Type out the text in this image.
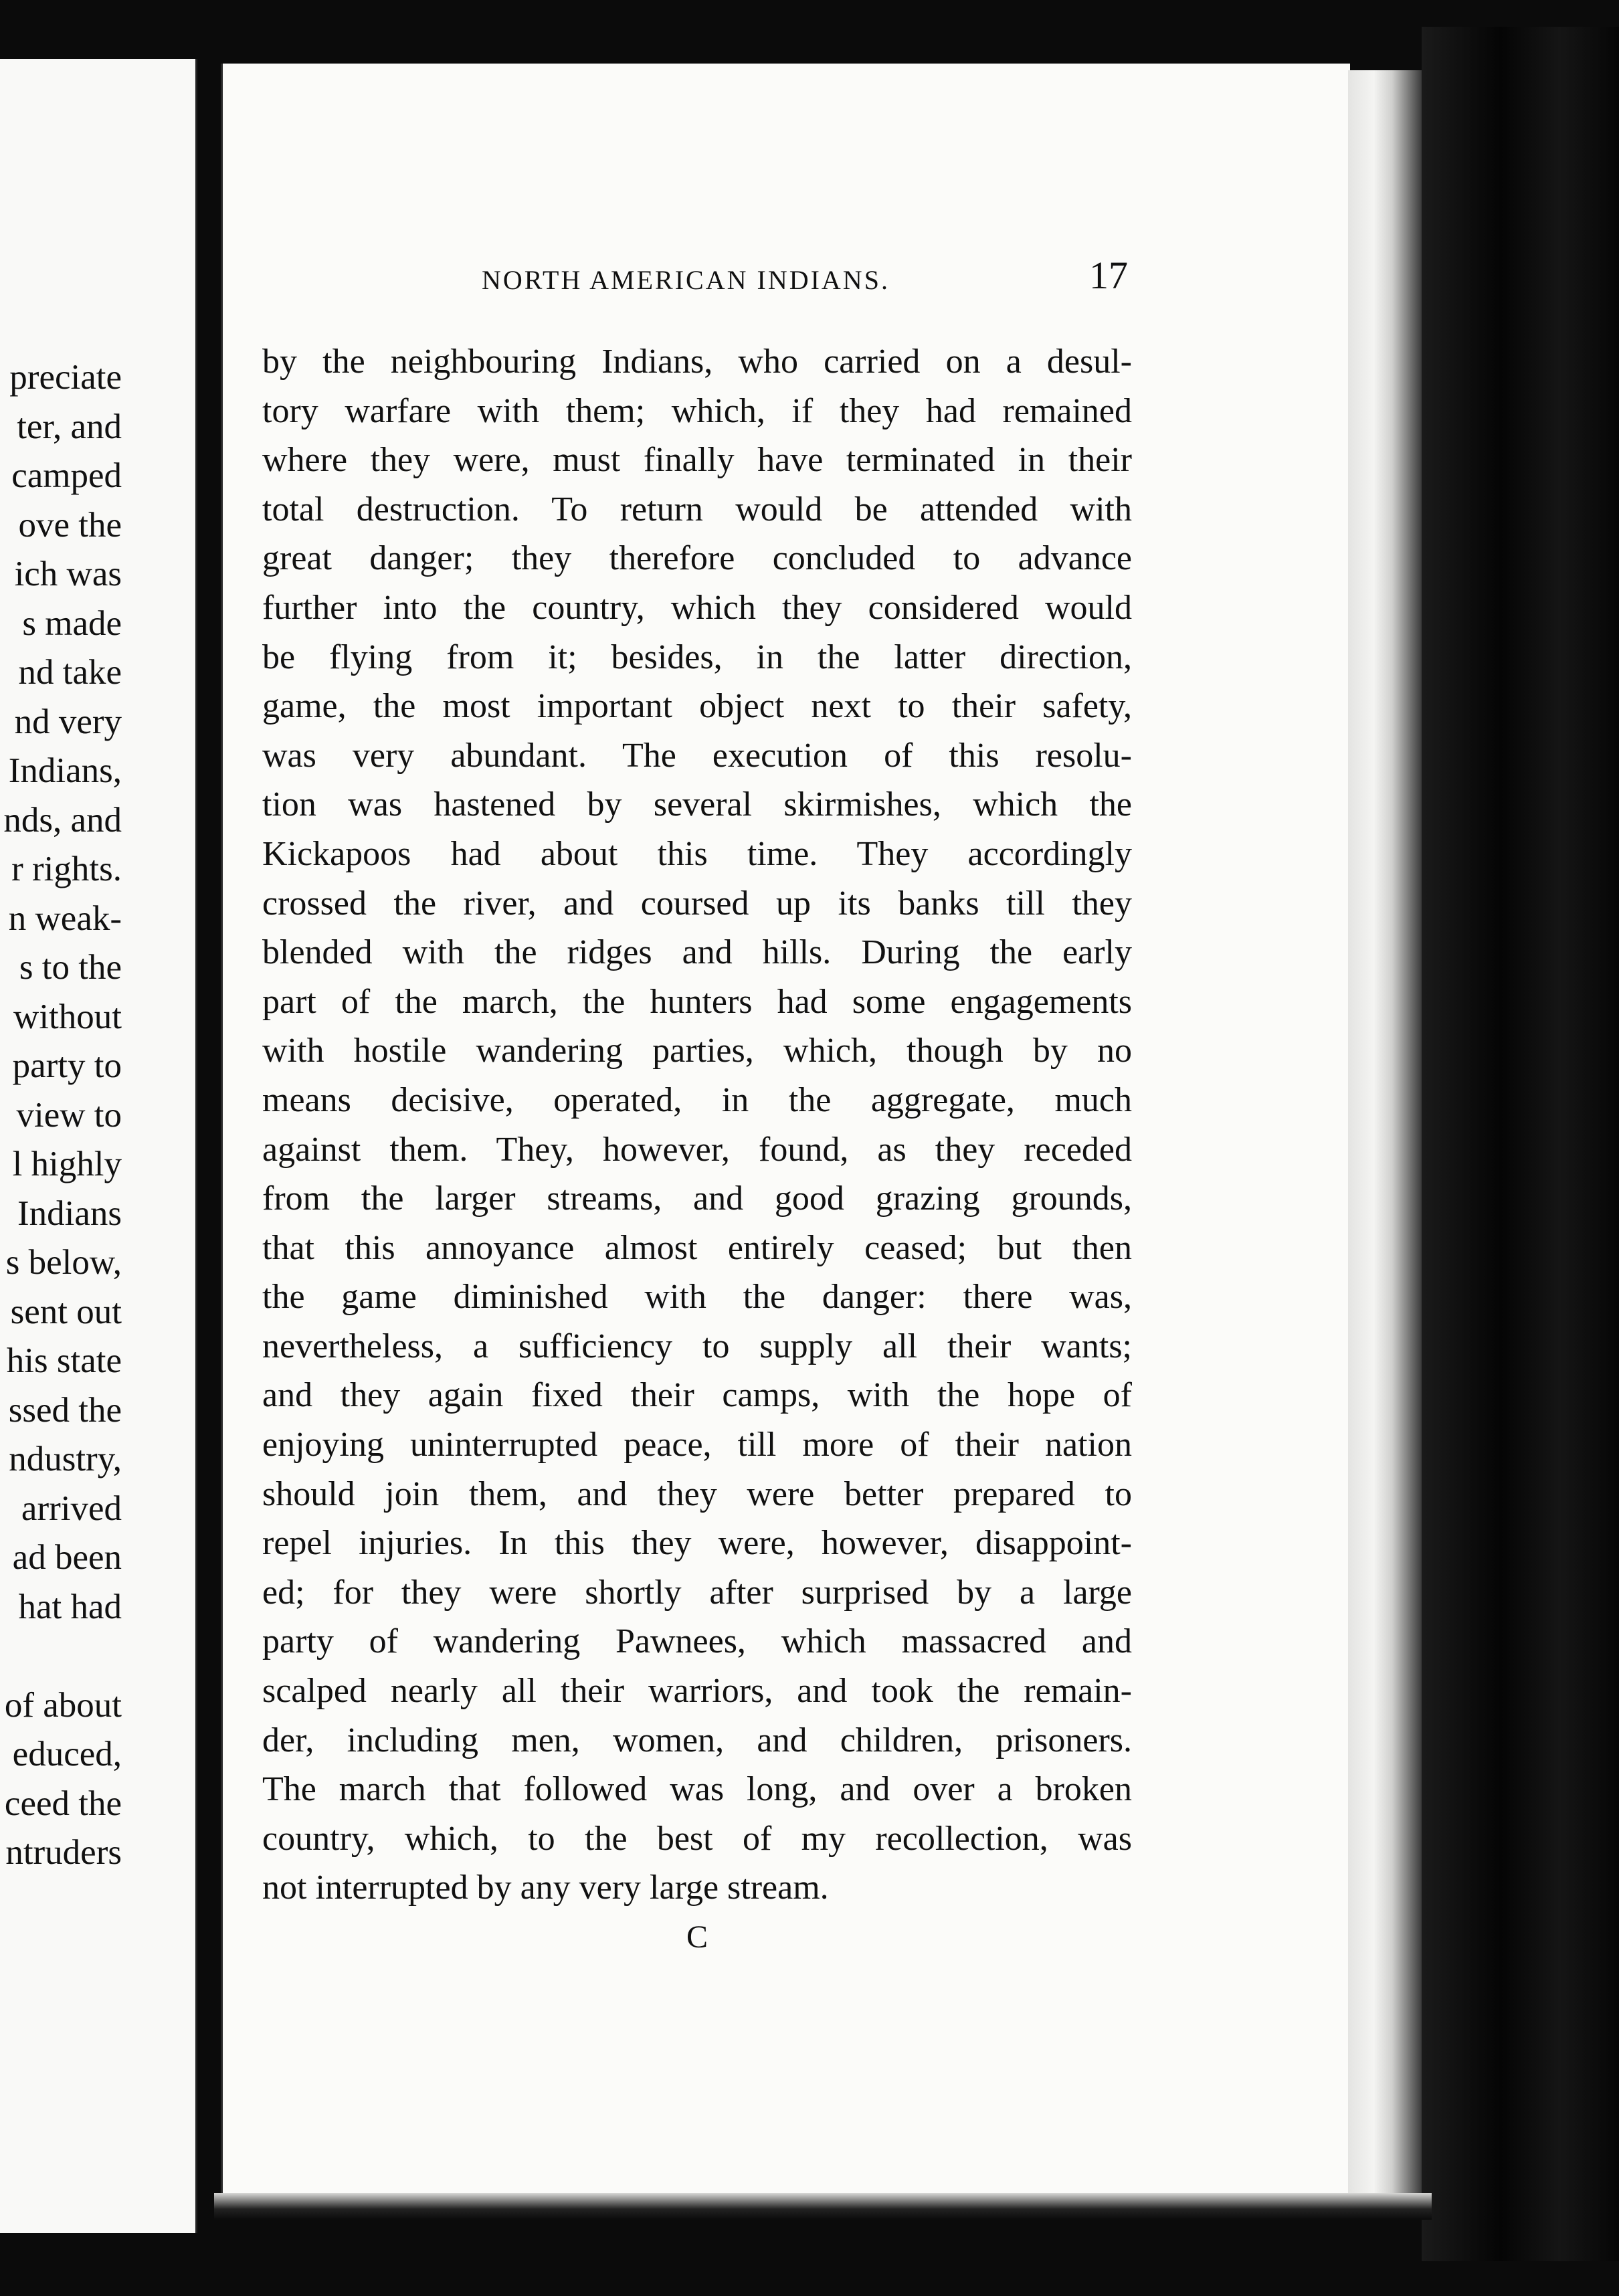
preciate
ter, and
camped
ove the
ich was
s made
nd take
nd very
Indians,
nds, and
r rights.
n weak-
s to the
without
party to
view to
l highly
Indians
s below,
sent out
his state
ssed the
ndustry,
arrived
ad been
hat had
of about
educed,
ceed the
ntruders
NORTH AMERICAN INDIANS.	17
by the neighbouring Indians, who carried on a desul-
tory warfare with them; which, if they had remained
where they were, must finally have terminated in their
total destruction. To return would be attended with
great danger; they therefore concluded to advance
further into the country, which they considered would
be flying from it; besides, in the latter direction,
game, the most important object next to their safety,
was very abundant. The execution of this resolu-
tion was hastened by several skirmishes, which the
Kickapoos had about this time. They accordingly
crossed the river, and coursed up its banks till they
blended with the ridges and hills. During the early
part of the march, the hunters had some engagements
with hostile wandering parties, which, though by no
means decisive, operated, in the aggregate, much
against them. They, however, found, as they receded
from the larger streams, and good grazing grounds,
that this annoyance almost entirely ceased; but then
the game diminished with the danger: there was,
nevertheless, a sufficiency to supply all their wants;
and they again fixed their camps, with the hope of
enjoying uninterrupted peace, till more of their nation
should join them, and they were better prepared to
repel injuries. In this they were, however, disappoint-
ed; for they were shortly after surprised by a large
party of wandering Pawnees, which massacred and
scalped nearly all their warriors, and took the remain-
der, including men, women, and children, prisoners.
The march that followed was long, and over a broken
country, which, to the best of my recollection, was
not interrupted by any very large stream.
C
